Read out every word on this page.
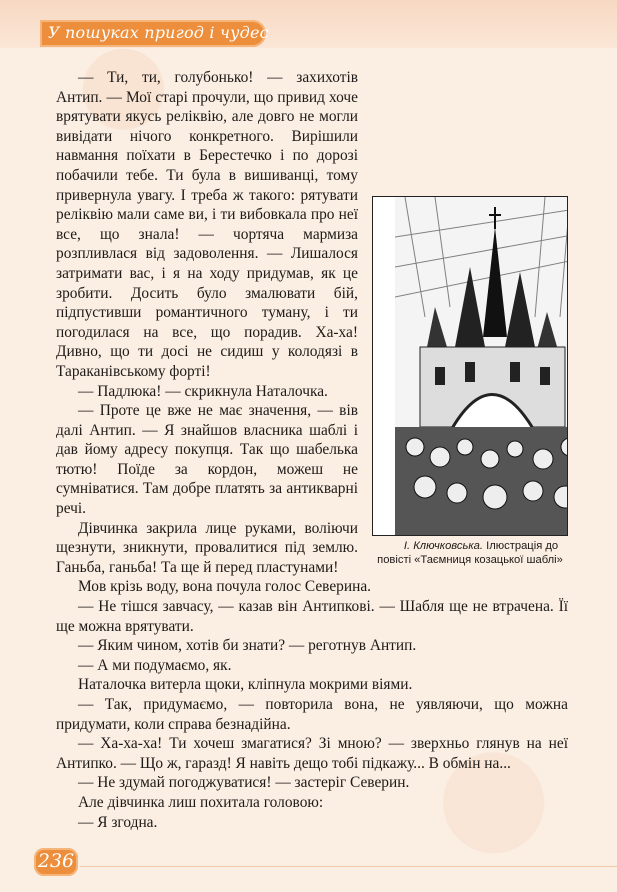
У пошуках пригод і чудес

І. Ключковська. Ілюстрація до повісті «Таємниця козацької шаблі»
— Ти, ти, голубонько! — захихотів Антип. — Мої старі прочули, що привид хоче врятувати якусь реліквію, але довго не могли вивідати нічого конкретного. Вирішили навмання поїхати в Берестечко і по дорозі побачили тебе. Ти була в вишиванці, тому привернула увагу. І треба ж такого: рятувати реліквію мали саме ви, і ти вибовкала про неї все, що знала! — чортяча мармиза розпливлася від задоволення. — Лишалося затримати вас, і я на ходу придумав, як це зробити. Досить було змалювати бій, підпустивши романтичного туману, і ти погодилася на все, що порадив. Ха-ха! Дивно, що ти досі не сидиш у колодязі в Тараканівському форті!

— Падлюка! — скрикнула Наталочка.

— Проте це вже не має значення, — вів далі Антип. — Я знайшов власника шаблі і дав йому адресу покупця. Так що шабелька тютю! Поїде за кордон, можеш не сумніватися. Там добре платять за антикварні речі.

Дівчинка закрила лице руками, воліючи щезнути, зникнути, провалитися під землю. Ганьба, ганьба! Та ще й перед пластунами!

Мов крізь воду, вона почула голос Северина.

— Не тішся завчасу, — казав він Антипкові. — Шабля ще не втрачена. Її ще можна врятувати.

— Яким чином, хотів би знати? — реготнув Антип.

— А ми подумаємо, як.

Наталочка витерла щоки, кліпнула мокрими віями.

— Так, придумаємо, — повторила вона, не уявляючи, що можна придумати, коли справа безнадійна.

— Ха-ха-ха! Ти хочеш змагатися? Зі мною? — зверхньо глянув на неї Антипко. — Що ж, гаразд! Я навіть дещо тобі підкажу... В обмін на...

— Не здумай погоджуватися! — застеріг Северин.

Але дівчинка лиш похитала головою:

— Я згодна.

236
